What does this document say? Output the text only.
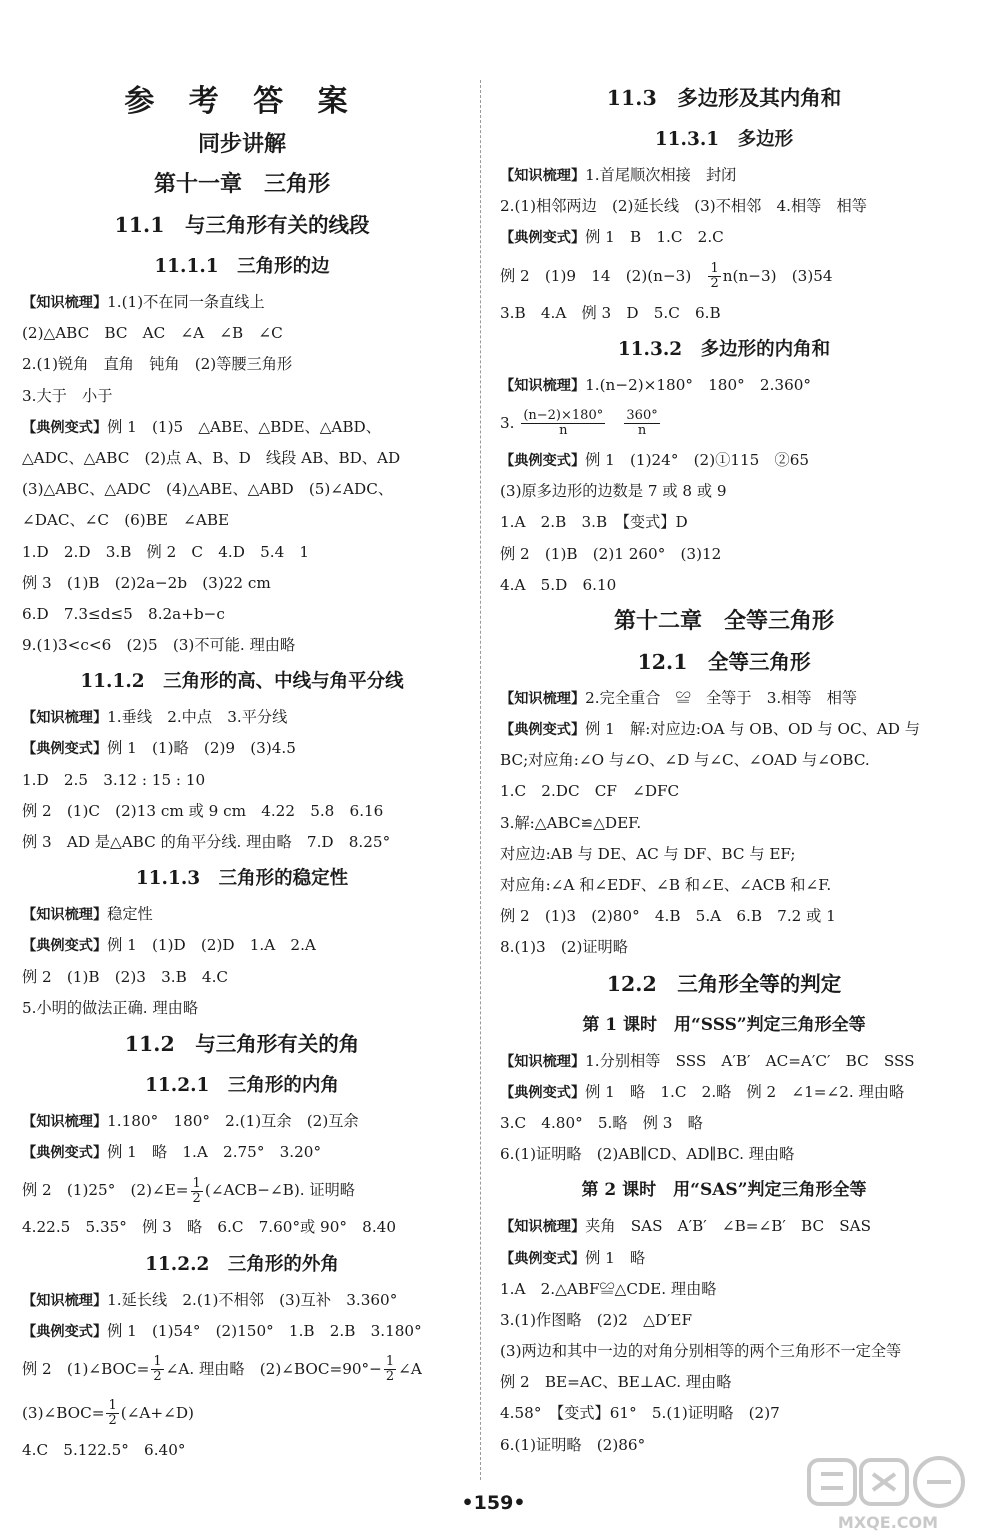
参 考 答 案
同步讲解
第十一章　三角形
11.1　与三角形有关的线段
11.1.1　三角形的边
【知识梳理】1.(1)不在同一条直线上
(2)△ABC　BC　AC　∠A　∠B　∠C
2.(1)锐角　直角　钝角　(2)等腰三角形
3.大于　小于
【典例变式】例 1　(1)5　△ABE、△BDE、△ABD、
△ADC、△ABC　(2)点 A、B、D　线段 AB、BD、AD
(3)△ABC、△ADC　(4)△ABE、△ABD　(5)∠ADC、
∠DAC、∠C　(6)BE　∠ABE
1.D　2.D　3.B　例 2　C　4.D　5.4　1
例 3　(1)B　(2)2a−2b　(3)22 cm
6.D　7.3≤d≤5　8.2a+b−c
9.(1)3<c<6　(2)5　(3)不可能. 理由略
11.1.2　三角形的高、中线与角平分线
【知识梳理】1.垂线　2.中点　3.平分线
【典例变式】例 1　(1)略　(2)9　(3)4.5
1.D　2.5　3.12 : 15 : 10
例 2　(1)C　(2)13 cm 或 9 cm　4.22　5.8　6.16
例 3　AD 是△ABC 的角平分线. 理由略　7.D　8.25°
11.1.3　三角形的稳定性
【知识梳理】稳定性
【典例变式】例 1　(1)D　(2)D　1.A　2.A
例 2　(1)B　(2)3　3.B　4.C
5.小明的做法正确. 理由略
11.2　与三角形有关的角
11.2.1　三角形的内角
【知识梳理】1.180°　180°　2.(1)互余　(2)互余
【典例变式】例 1　略　1.A　2.75°　3.20°
例 2　(1)25°　(2)∠E= $\frac{1}{2}$ (∠ACB−∠B). 证明略
4.22.5　5.35°　例 3　略　6.C　7.60°或 90°　8.40
11.2.2　三角形的外角
【知识梳理】1.延长线　2.(1)不相邻　(3)互补　3.360°
【典例变式】例 1　(1)54°　(2)150°　1.B　2.B　3.180°
例 2　(1)∠BOC= $\frac{1}{2}$ ∠A. 理由略　(2)∠BOC=90°− $\frac{1}{2}$ ∠A
(3)∠BOC= $\frac{1}{2}$ (∠A+∠D)
4.C　5.122.5°　6.40°
11.3　多边形及其内角和
11.3.1　多边形
【知识梳理】1.首尾顺次相接　封闭
2.(1)相邻两边　(2)延长线　(3)不相邻　4.相等　相等
【典例变式】例 1　B　1.C　2.C
例 2　(1)9　14　(2)(n−3)　 $\frac{1}{2} n(n-3)$　(3)54
3.B　4.A　例 3　D　5.C　6.B
11.3.2　多边形的内角和
【知识梳理】1.(n−2)×180°　180°　2.360°
3. $\frac{(n-2)\times 180^\circ}{n}$
　 $\frac{360^\circ}{n}$
【典例变式】例 1　(1)24°　(2)①115　②65
(3)原多边形的边数是 7 或 8 或 9
1.A　2.B　3.B　【变式】D
例 2　(1)B　(2)1 260°　(3)12
4.A　5.D　6.10
第十二章　全等三角形
12.1　全等三角形
【知识梳理】2.完全重合　≌　全等于　3.相等　相等
【典例变式】例 1　解:对应边:OA 与 OB、OD 与 OC、AD 与
BC;对应角:∠O 与∠O、∠D 与∠C、∠OAD 与∠OBC.
1.C　2.DC　CF　∠DFC
3.解:△ABC≌△DEF.
对应边:AB 与 DE、AC 与 DF、BC 与 EF;
对应角:∠A 和∠EDF、∠B 和∠E、∠ACB 和∠F.
例 2　(1)3　(2)80°　4.B　5.A　6.B　7.2 或 1
8.(1)3　(2)证明略
12.2　三角形全等的判定
第 1 课时　用“SSS”判定三角形全等
【知识梳理】1.分别相等　SSS　A′B′　AC=A′C′　BC　SSS
【典例变式】例 1　略　1.C　2.略　例 2　∠1=∠2. 理由略
3.C　4.80°　5.略　例 3　略
6.(1)证明略　(2)AB∥CD、AD∥BC. 理由略
第 2 课时　用“SAS”判定三角形全等
【知识梳理】夹角　SAS　A′B′　∠B=∠B′　BC　SAS
【典例变式】例 1　略
1.A　2.△ABF≌△CDE. 理由略
3.(1)作图略　(2)2　△D′EF
(3)两边和其中一边的对角分别相等的两个三角形不一定全等
例 2　BE=AC、BE⊥AC. 理由略
4.58°　【变式】61°　5.(1)证明略　(2)7
6.(1)证明略　(2)86°
•159•
MXQE.COM
